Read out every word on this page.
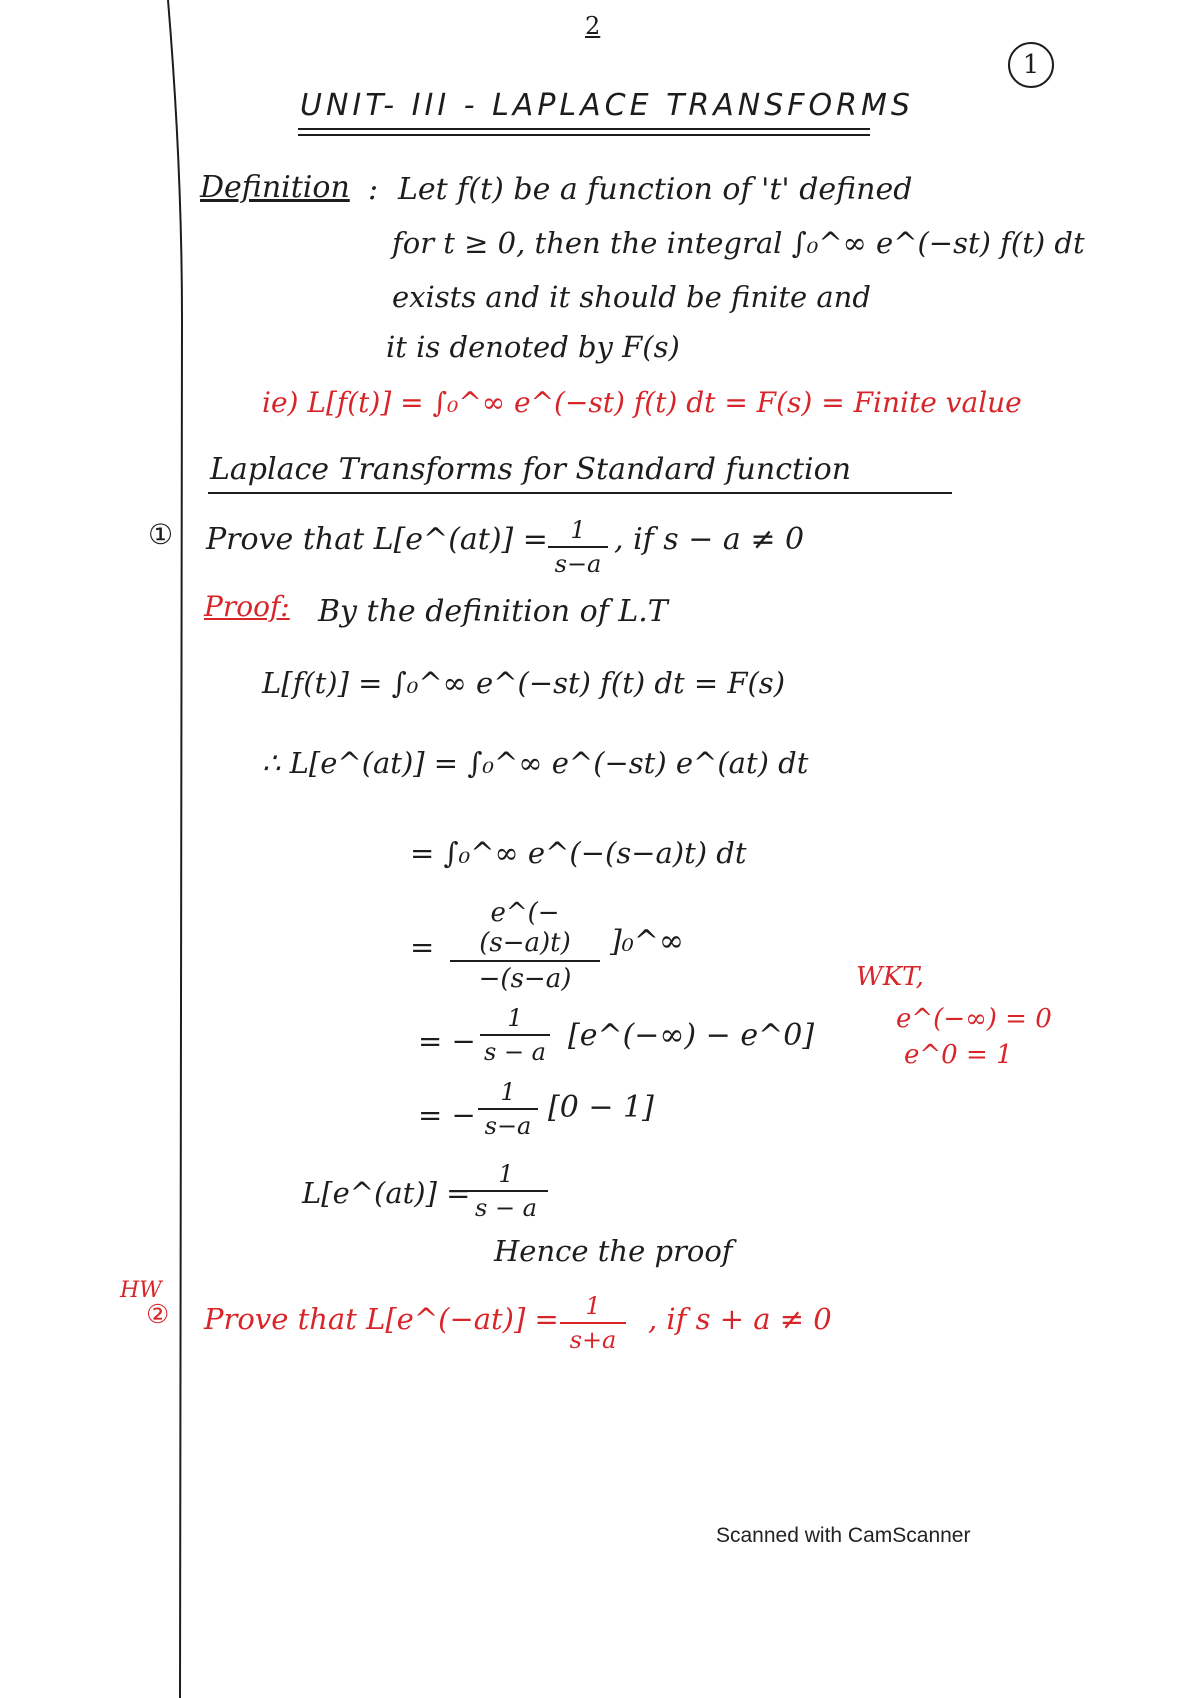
2
1
UNIT- III - LAPLACE TRANSFORMS
Definition : Let f(t) be a function of 't' defined
for t ≥ 0, then the integral ∫₀^∞ e^(−st) f(t) dt
exists and it should be finite and
it is denoted by F(s)
ie) L[f(t)] = ∫₀^∞ e^(−st) f(t) dt = F(s) = Finite value
Laplace Transforms for Standard function
① Prove that L[e^(at)] = 1
s−a
, if s − a ≠ 0
Proof: By the definition of L.T
L[f(t)] = ∫₀^∞ e^(−st) f(t) dt = F(s)
∴ L[e^(at)] = ∫₀^∞ e^(−st) e^(at) dt
= ∫₀^∞ e^(−(s−a)t) dt
=
e^(−(s−a)t)
−(s−a)
]₀^∞
= −
1
s − a [e^(−∞) − e^0]
= −
1
s−a
[0 − 1]
L[e^(at)] =
1
s − a
Hence the proof
WKT,
e^(−∞) = 0
e^0 = 1
HW
② Prove that L[e^(−at)] =	1
s+a
, if s + a ≠ 0
Scanned with CamScanner
